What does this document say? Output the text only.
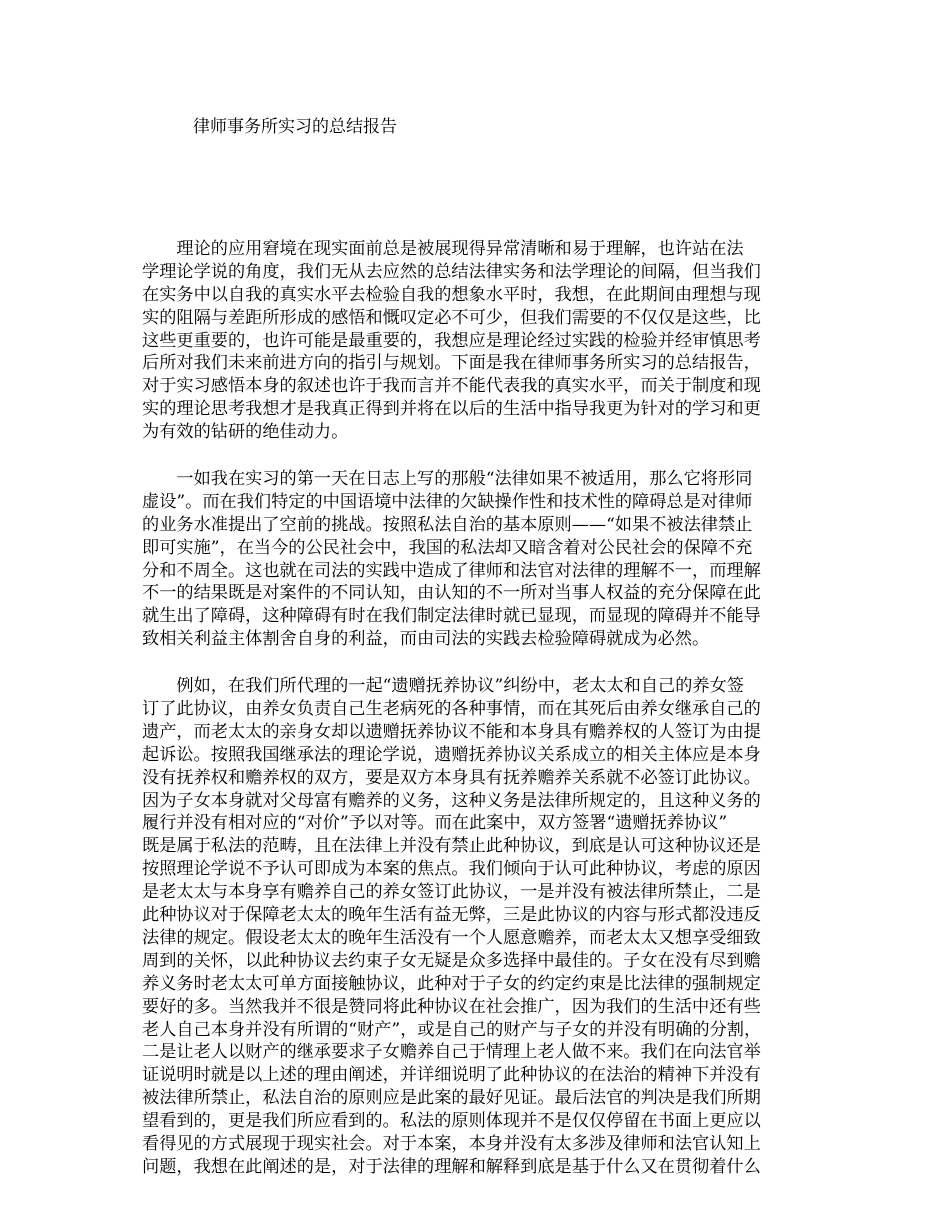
律师事务所实习的总结报告
　　理论的应用窘境在现实面前总是被展现得异常清晰和易于理解，也许站在法
学理论学说的角度，我们无从去应然的总结法律实务和法学理论的间隔，但当我们
在实务中以自我的真实水平去检验自我的想象水平时，我想，在此期间由理想与现
实的阻隔与差距所形成的感悟和慨叹定必不可少，但我们需要的不仅仅是这些，比
这些更重要的，也许可能是最重要的，我想应是理论经过实践的检验并经审慎思考
后所对我们未来前进方向的指引与规划。下面是我在律师事务所实习的总结报告，
对于实习感悟本身的叙述也许于我而言并不能代表我的真实水平，而关于制度和现
实的理论思考我想才是我真正得到并将在以后的生活中指导我更为针对的学习和更
为有效的钻研的绝佳动力。
　　一如我在实习的第一天在日志上写的那般“法律如果不被适用，那么它将形同
虚设”。而在我们特定的中国语境中法律的欠缺操作性和技术性的障碍总是对律师
的业务水准提出了空前的挑战。按照私法自治的基本原则——“如果不被法律禁止
即可实施”，在当今的公民社会中，我国的私法却又暗含着对公民社会的保障不充
分和不周全。这也就在司法的实践中造成了律师和法官对法律的理解不一，而理解
不一的结果既是对案件的不同认知，由认知的不一所对当事人权益的充分保障在此
就生出了障碍，这种障碍有时在我们制定法律时就已显现，而显现的障碍并不能导
致相关利益主体割舍自身的利益，而由司法的实践去检验障碍就成为必然。
　　例如，在我们所代理的一起“遗赠抚养协议”纠纷中，老太太和自己的养女签
订了此协议，由养女负责自己生老病死的各种事情，而在其死后由养女继承自己的
遗产，而老太太的亲身女却以遗赠抚养协议不能和本身具有赡养权的人签订为由提
起诉讼。按照我国继承法的理论学说，遗赠抚养协议关系成立的相关主体应是本身
没有抚养权和赡养权的双方，要是双方本身具有抚养赡养关系就不必签订此协议。
因为子女本身就对父母富有赡养的义务，这种义务是法律所规定的，且这种义务的
履行并没有相对应的“对价”予以对等。而在此案中，双方签署“遗赠抚养协议”
既是属于私法的范畴，且在法律上并没有禁止此种协议，到底是认可这种协议还是
按照理论学说不予认可即成为本案的焦点。我们倾向于认可此种协议，考虑的原因
是老太太与本身享有赡养自己的养女签订此协议，一是并没有被法律所禁止，二是
此种协议对于保障老太太的晚年生活有益无弊，三是此协议的内容与形式都没违反
法律的规定。假设老太太的晚年生活没有一个人愿意赡养，而老太太又想享受细致
周到的关怀，以此种协议去约束子女无疑是众多选择中最佳的。子女在没有尽到赡
养义务时老太太可单方面接触协议，此种对于子女的约定约束是比法律的强制规定
要好的多。当然我并不很是赞同将此种协议在社会推广，因为我们的生活中还有些
老人自己本身并没有所谓的“财产”，或是自己的财产与子女的并没有明确的分割，
二是让老人以财产的继承要求子女赡养自己于情理上老人做不来。我们在向法官举
证说明时就是以上述的理由阐述，并详细说明了此种协议的在法治的精神下并没有
被法律所禁止，私法自治的原则应是此案的最好见证。最后法官的判决是我们所期
望看到的，更是我们所应看到的。私法的原则体现并不是仅仅停留在书面上更应以
看得见的方式展现于现实社会。对于本案，本身并没有太多涉及律师和法官认知上
问题，我想在此阐述的是，对于法律的理解和解释到底是基于什么又在贯彻着什么
